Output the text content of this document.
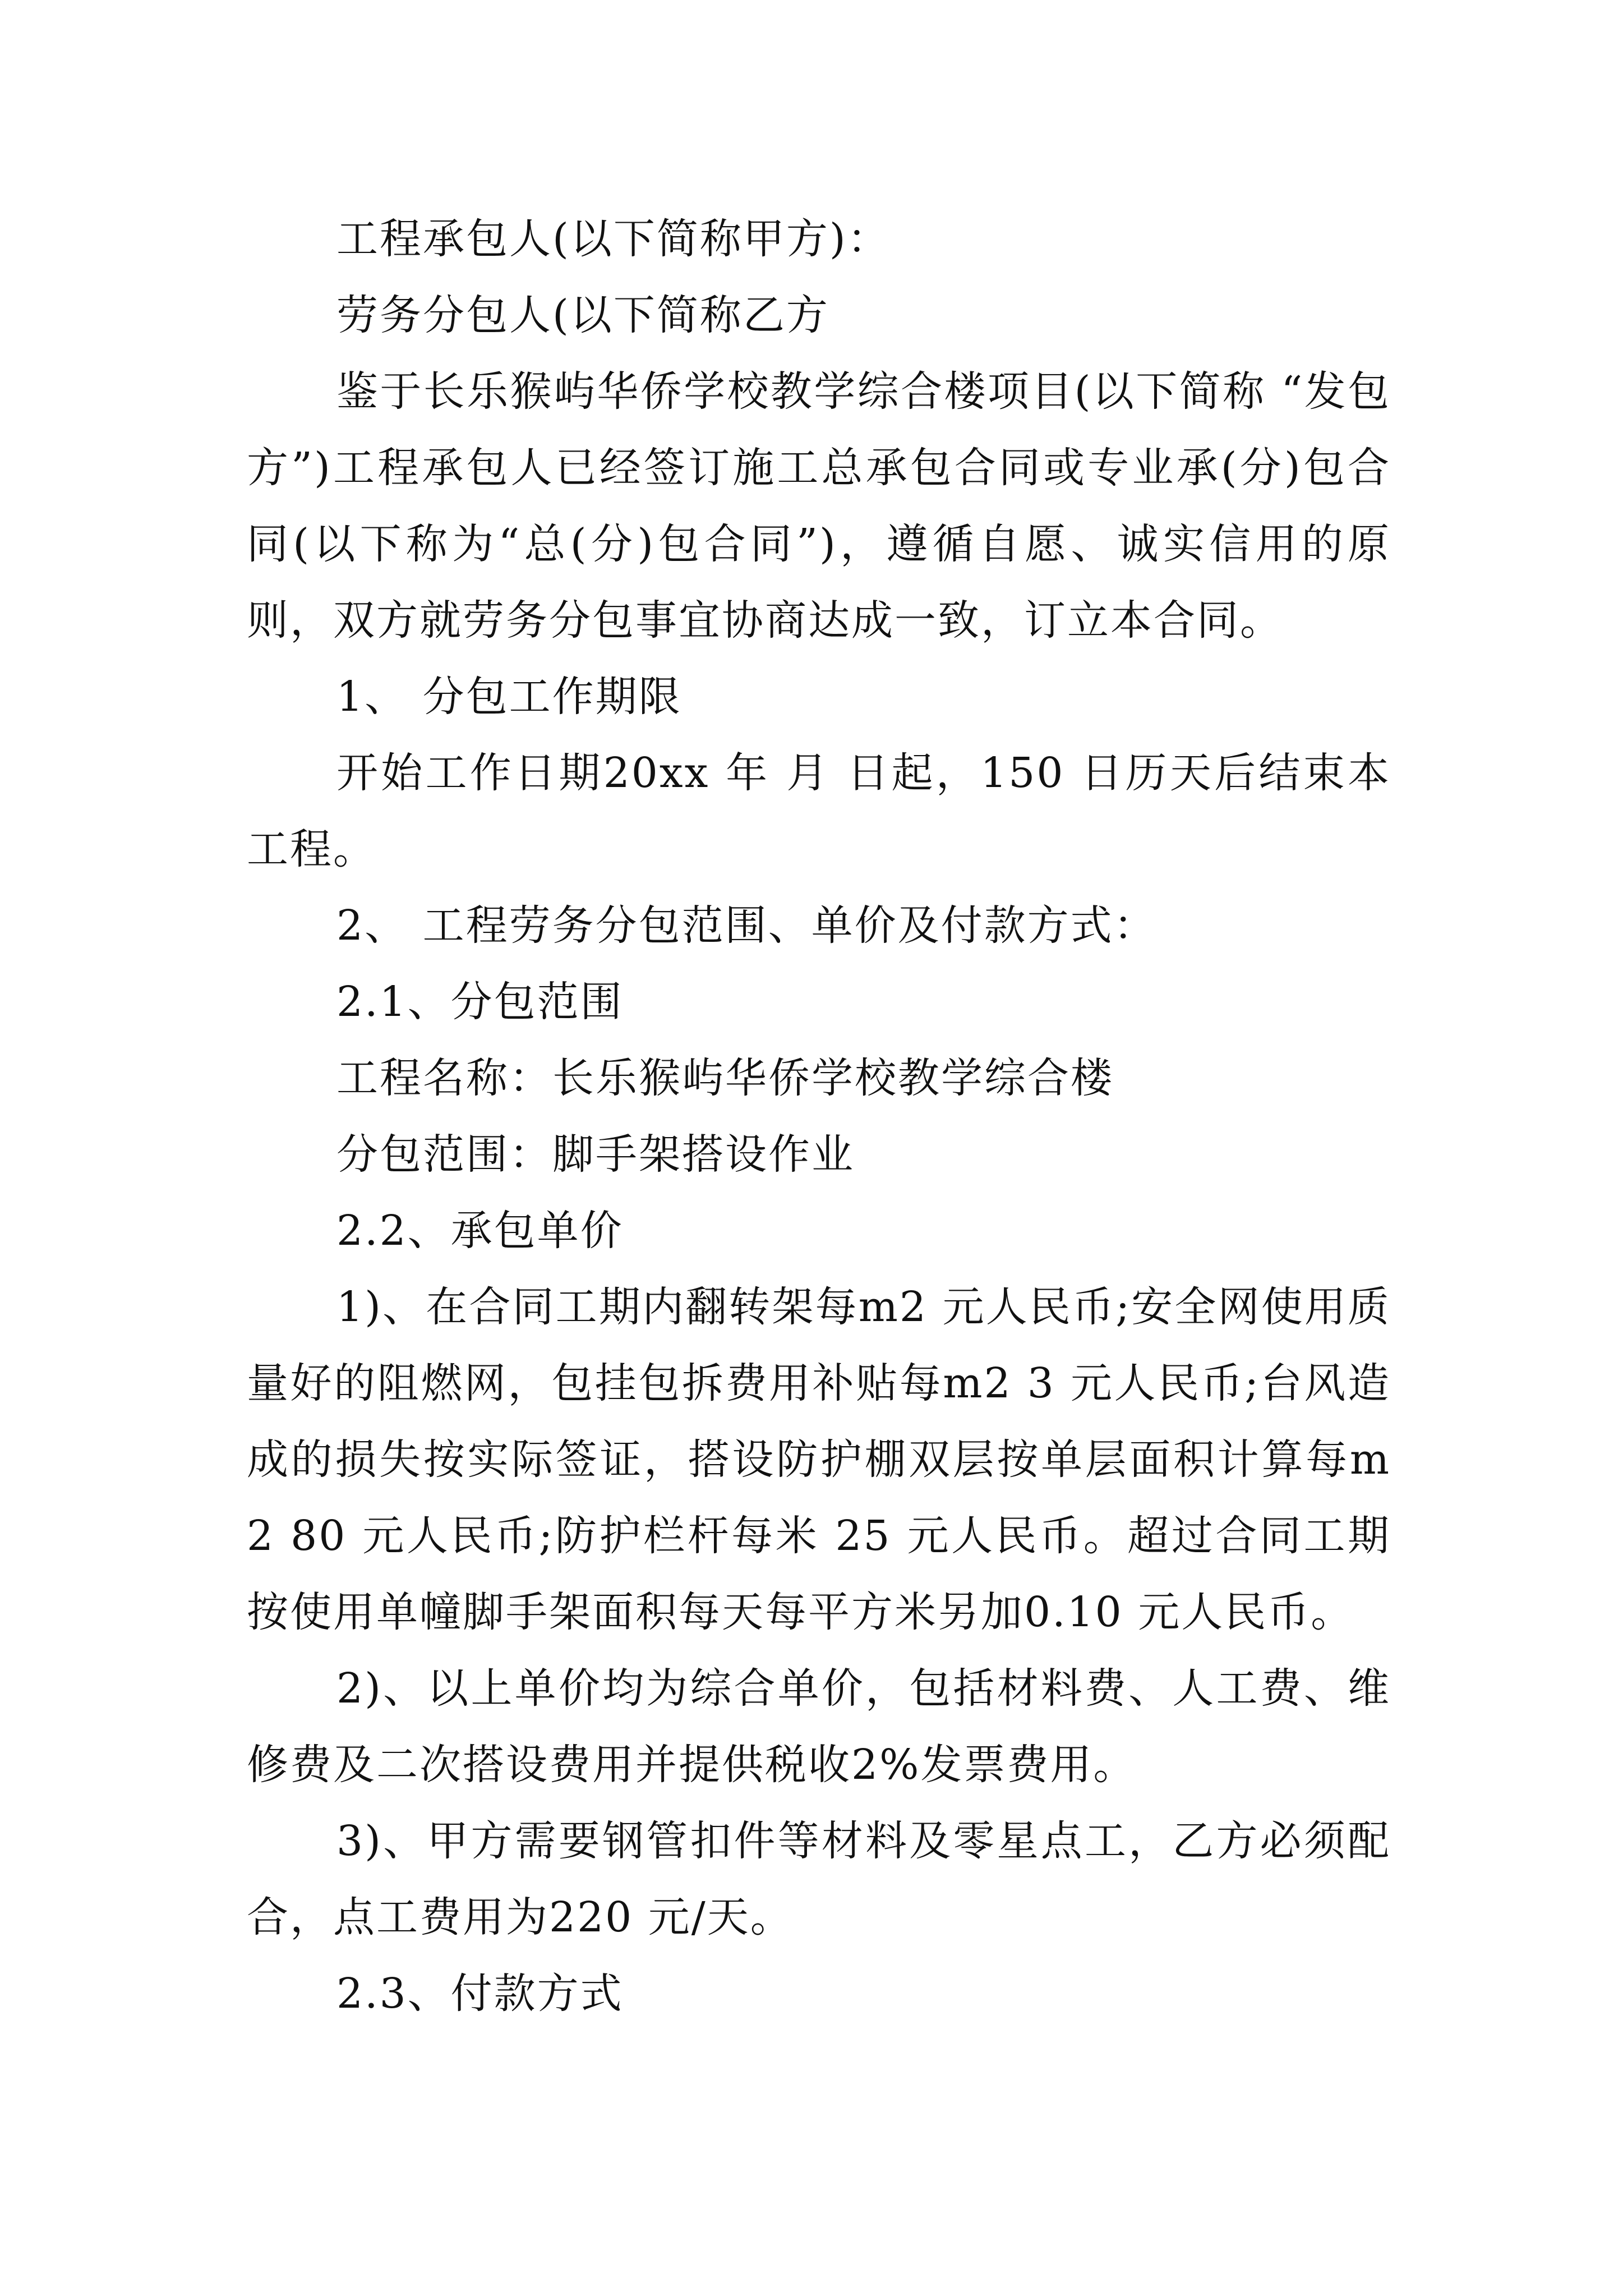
工程承包人(以下简称甲方)：

劳务分包人(以下简称乙方

鉴于长乐猴屿华侨学校教学综合楼项目(以下简称 “发包方”)工程承包人已经签订施工总承包合同或专业承(分)包合同(以下称为“总(分)包合同”)，遵循自愿、诚实信用的原则，双方就劳务分包事宜协商达成一致，订立本合同。

1、 分包工作期限

开始工作日期20xx 年 月 日起，150 日历天后结束本工程。

2、 工程劳务分包范围、单价及付款方式：

2.1、分包范围

工程名称：长乐猴屿华侨学校教学综合楼

分包范围：脚手架搭设作业

2.2、承包单价

1)、在合同工期内翻转架每m2 元人民币;安全网使用质量好的阻燃网，包挂包拆费用补贴每m2 3 元人民币;台风造成的损失按实际签证，搭设防护棚双层按单层面积计算每m2 80 元人民币;防护栏杆每米 25 元人民币。超过合同工期按使用单幢脚手架面积每天每平方米另加0.10 元人民币。

2)、以上单价均为综合单价，包括材料费、人工费、维修费及二次搭设费用并提供税收2%发票费用。

3)、甲方需要钢管扣件等材料及零星点工，乙方必须配合，点工费用为220 元/天。

2.3、付款方式
